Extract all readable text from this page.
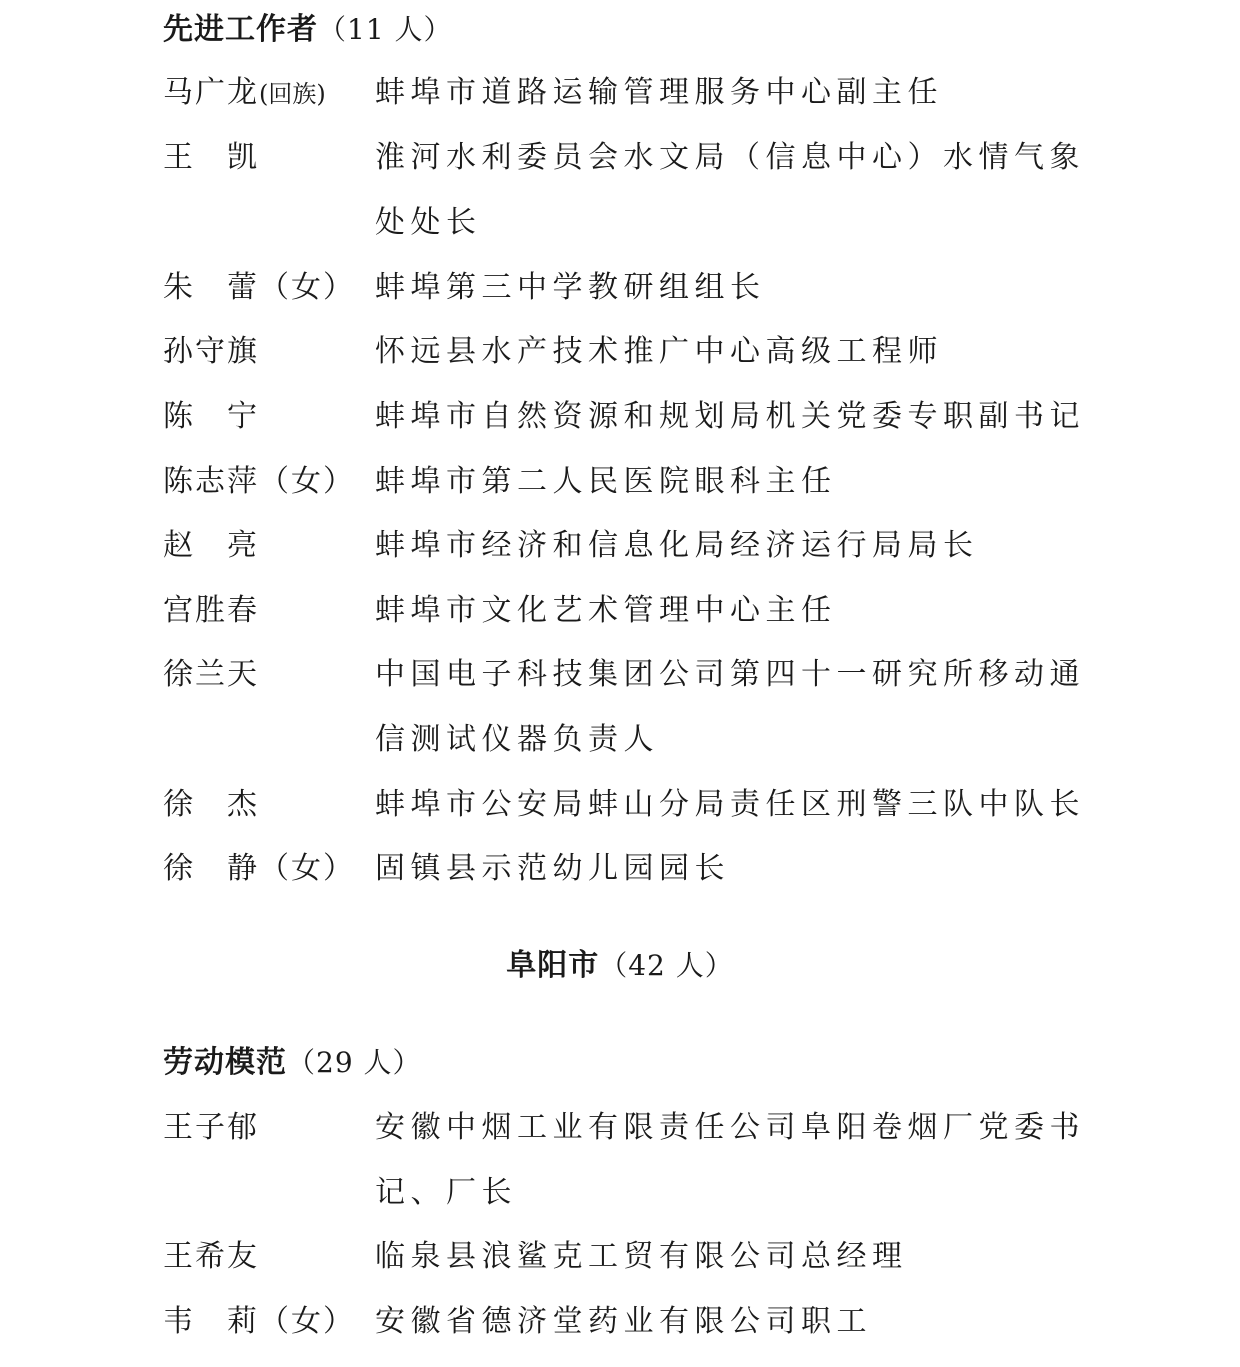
先进工作者（11 人）
马广龙(回族)	蚌埠市道路运输管理服务中心副主任
王　凯	淮河水利委员会水文局（信息中心）水情气象
处处长
朱　蕾（女） 蚌埠第三中学教研组组长
孙守旗	怀远县水产技术推广中心高级工程师
陈　宁	蚌埠市自然资源和规划局机关党委专职副书记
陈志萍（女） 蚌埠市第二人民医院眼科主任
赵　亮	蚌埠市经济和信息化局经济运行局局长
宫胜春	蚌埠市文化艺术管理中心主任
徐兰天	中国电子科技集团公司第四十一研究所移动通
信测试仪器负责人
徐　杰	蚌埠市公安局蚌山分局责任区刑警三队中队长
徐　静（女） 固镇县示范幼儿园园长
阜阳市（42 人）
劳动模范（29 人）
王子郁	安徽中烟工业有限责任公司阜阳卷烟厂党委书
记、厂长
王希友	临泉县浪鲨克工贸有限公司总经理
韦　莉（女） 安徽省德济堂药业有限公司职工
